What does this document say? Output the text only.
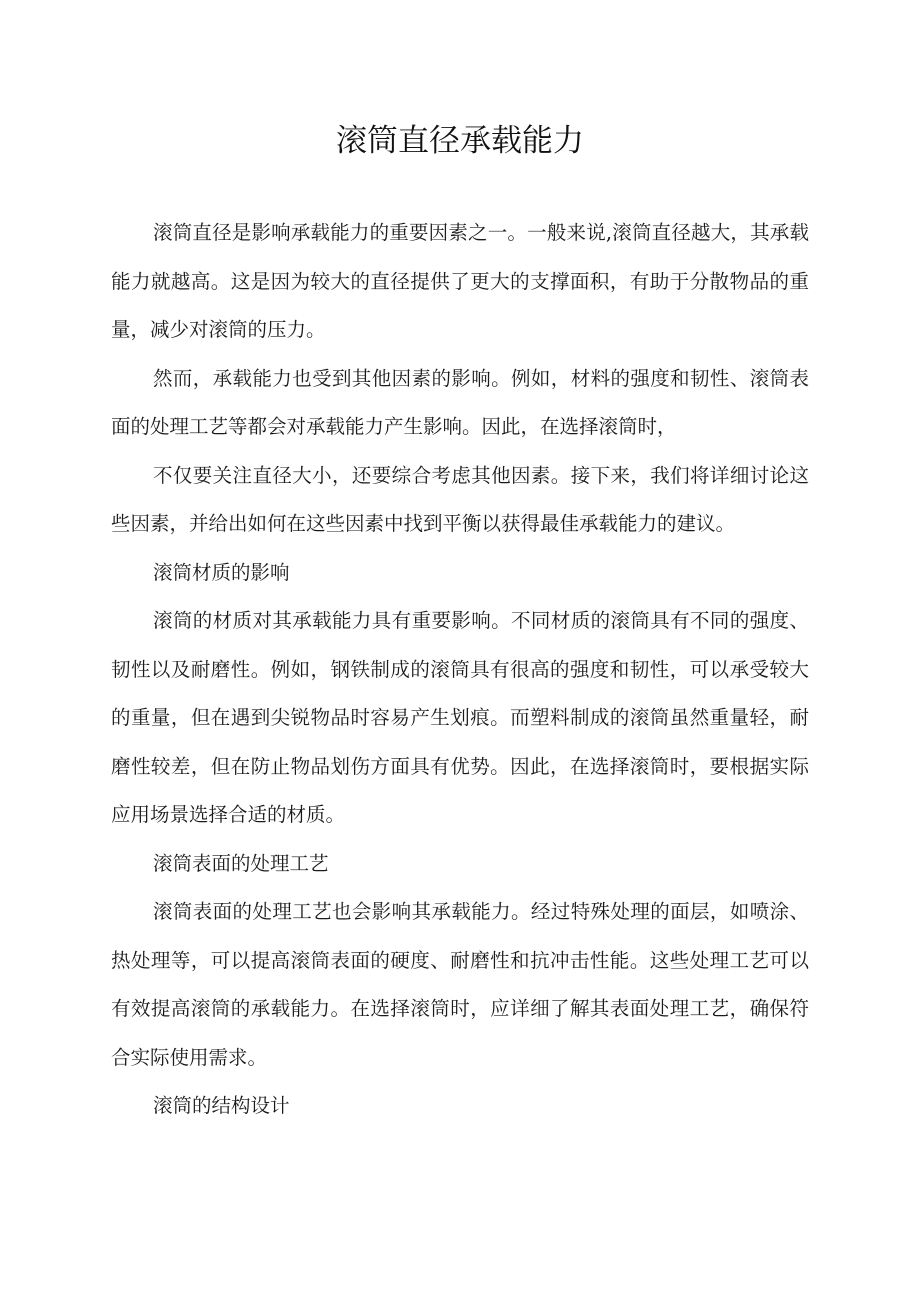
滚筒直径承载能力

滚筒直径是影响承载能力的重要因素之一。一般来说,滚筒直径越大，其承载能力就越高。这是因为较大的直径提供了更大的支撑面积，有助于分散物品的重量，减少对滚筒的压力。

然而，承载能力也受到其他因素的影响。例如，材料的强度和韧性、滚筒表面的处理工艺等都会对承载能力产生影响。因此，在选择滚筒时，

不仅要关注直径大小，还要综合考虑其他因素。接下来，我们将详细讨论这些因素，并给出如何在这些因素中找到平衡以获得最佳承载能力的建议。

滚筒材质的影响

滚筒的材质对其承载能力具有重要影响。不同材质的滚筒具有不同的强度、韧性以及耐磨性。例如，钢铁制成的滚筒具有很高的强度和韧性，可以承受较大的重量，但在遇到尖锐物品时容易产生划痕。而塑料制成的滚筒虽然重量轻，耐磨性较差，但在防止物品划伤方面具有优势。因此，在选择滚筒时，要根据实际应用场景选择合适的材质。

滚筒表面的处理工艺

滚筒表面的处理工艺也会影响其承载能力。经过特殊处理的面层，如喷涂、热处理等，可以提高滚筒表面的硬度、耐磨性和抗冲击性能。这些处理工艺可以有效提高滚筒的承载能力。在选择滚筒时，应详细了解其表面处理工艺，确保符合实际使用需求。

滚筒的结构设计
